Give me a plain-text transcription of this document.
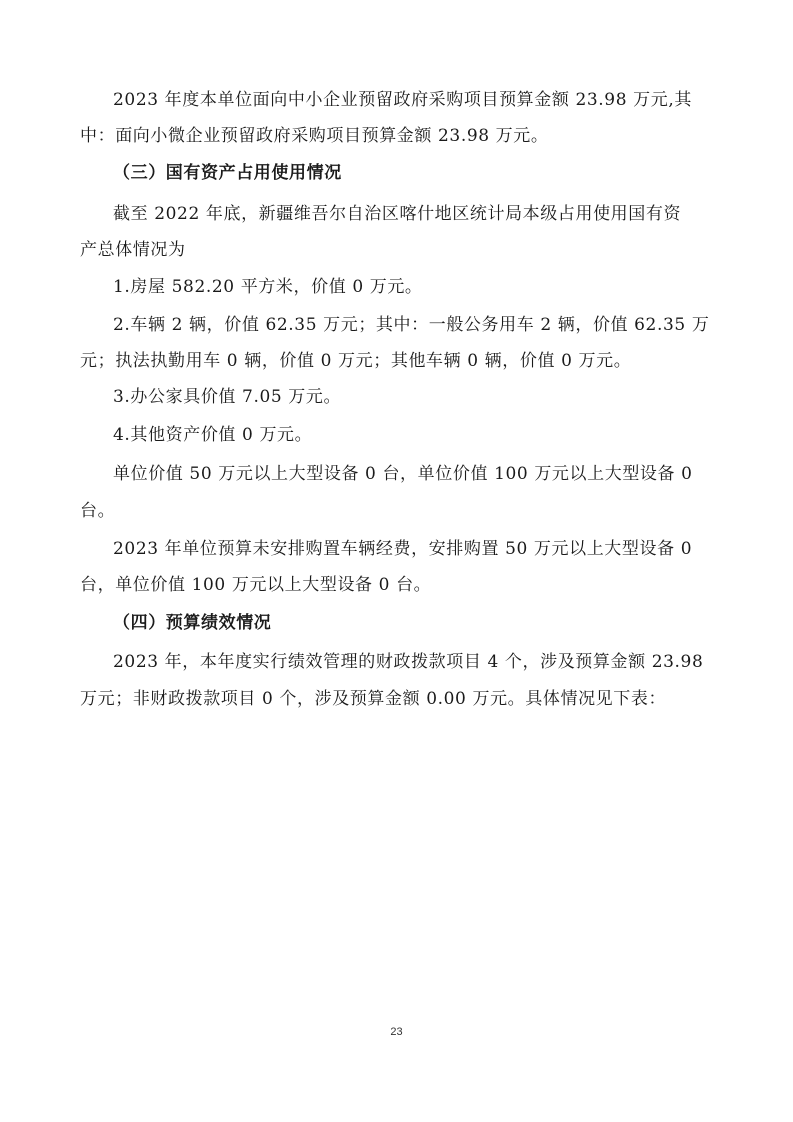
2023 年度本单位面向中小企业预留政府采购项目预算金额 23.98 万元,其
中：面向小微企业预留政府采购项目预算金额 23.98 万元。
（三）国有资产占用使用情况
截至 2022 年底，新疆维吾尔自治区喀什地区统计局本级占用使用国有资
产总体情况为
1.房屋 582.20 平方米，价值 0 万元。
2.车辆 2 辆，价值 62.35 万元；其中：一般公务用车 2 辆，价值 62.35 万
元；执法执勤用车 0 辆，价值 0 万元；其他车辆 0 辆，价值 0 万元。
3.办公家具价值 7.05 万元。
4.其他资产价值 0 万元。
单位价值 50 万元以上大型设备 0 台，单位价值 100 万元以上大型设备 0
台。
2023 年单位预算未安排购置车辆经费，安排购置 50 万元以上大型设备 0
台，单位价值 100 万元以上大型设备 0 台。
（四）预算绩效情况
2023 年，本年度实行绩效管理的财政拨款项目 4 个，涉及预算金额 23.98
万元；非财政拨款项目 0 个，涉及预算金额 0.00 万元。具体情况见下表：
23
